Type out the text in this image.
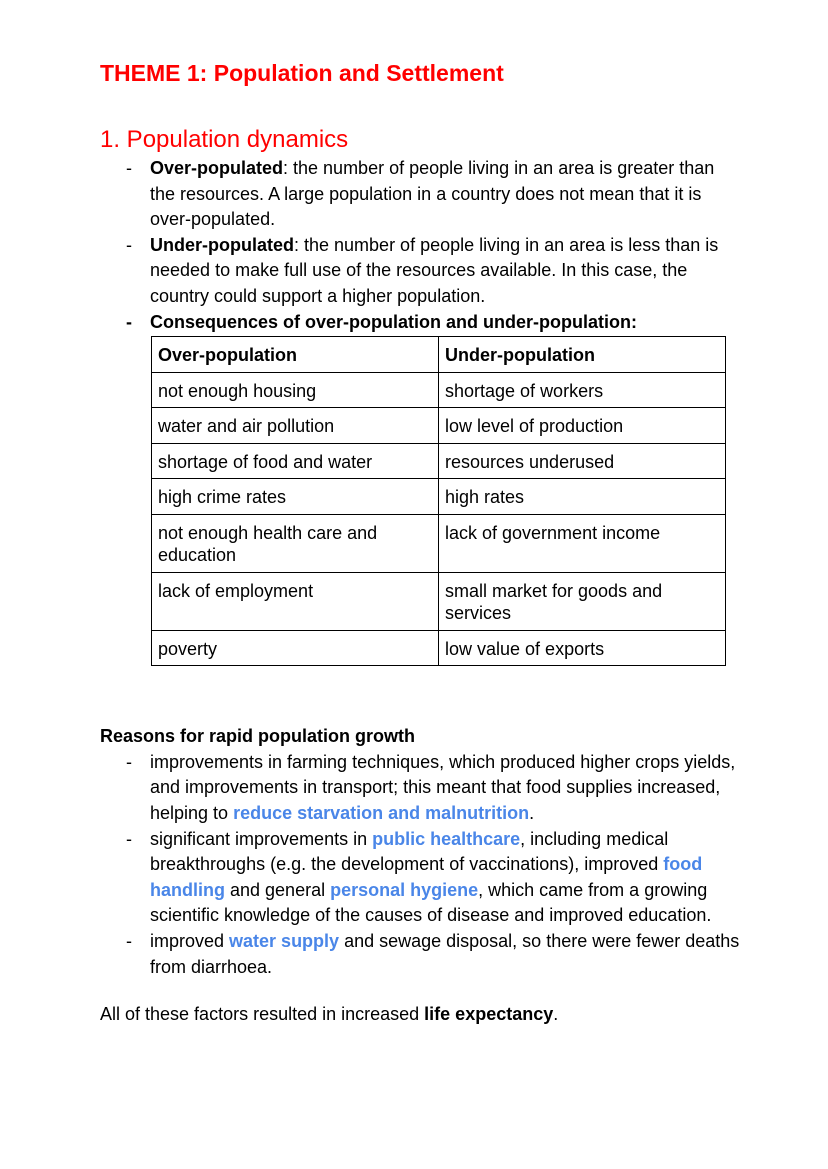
THEME 1: Population and Settlement
1. Population dynamics
- Over-populated: the number of people living in an area is greater than the resources. A large population in a country does not mean that it is over-populated.
- Under-populated: the number of people living in an area is less than is needed to make full use of the resources available. In this case, the country could support a higher population.
- Consequences of over-population and under-population:
Over-population	Under-population
not enough housing	shortage of workers
water and air pollution	low level of production
shortage of food and water	resources underused
high crime rates	high rates
not enough health care and education	lack of government income
lack of employment	small market for goods and services
poverty	low value of exports
Reasons for rapid population growth
- improvements in farming techniques, which produced higher crops yields, and improvements in transport; this meant that food supplies increased, helping to reduce starvation and malnutrition.
- significant improvements in public healthcare, including medical breakthroughs (e.g. the development of vaccinations), improved food handling and general personal hygiene, which came from a growing scientific knowledge of the causes of disease and improved education.
- improved water supply and sewage disposal, so there were fewer deaths from diarrhoea.

All of these factors resulted in increased life expectancy.
